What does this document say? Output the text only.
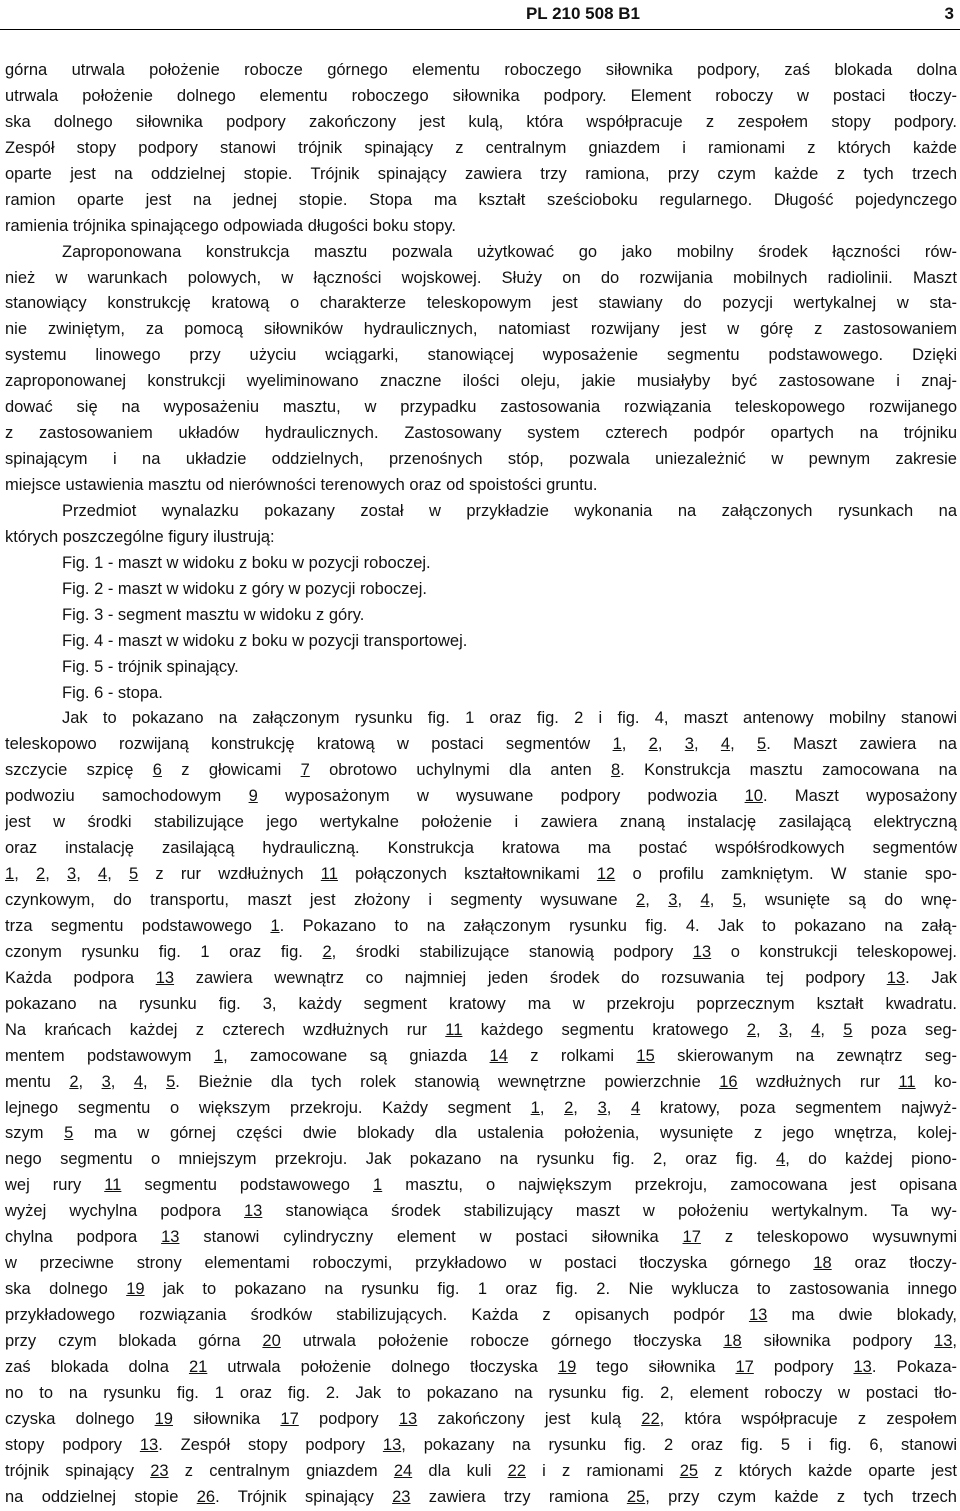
PL 210 508 B1	3
górna utrwala położenie robocze górnego elementu roboczego siłownika podpory, zaś blokada dolna
utrwala położenie dolnego elementu roboczego siłownika podpory. Element roboczy w postaci tłoczy-
ska dolnego siłownika podpory zakończony jest kulą, która współpracuje z zespołem stopy podpory.
Zespół stopy podpory stanowi trójnik spinający z centralnym gniazdem i ramionami z których każde
oparte jest na oddzielnej stopie. Trójnik spinający zawiera trzy ramiona, przy czym każde z tych trzech
ramion oparte jest na jednej stopie. Stopa ma kształt sześcioboku regularnego. Długość pojedynczego
ramienia trójnika spinającego odpowiada długości boku stopy.
Zaproponowana konstrukcja masztu pozwala użytkować go jako mobilny środek łączności rów-
nież w warunkach polowych, w łączności wojskowej. Służy on do rozwijania mobilnych radiolinii. Maszt
stanowiący konstrukcję kratową o charakterze teleskopowym jest stawiany do pozycji wertykalnej w sta-
nie zwiniętym, za pomocą siłowników hydraulicznych, natomiast rozwijany jest w górę z zastosowaniem
systemu linowego przy użyciu wciągarki, stanowiącej wyposażenie segmentu podstawowego. Dzięki
zaproponowanej konstrukcji wyeliminowano znaczne ilości oleju, jakie musiałyby być zastosowane i znaj-
dować się na wyposażeniu masztu, w przypadku zastosowania rozwiązania teleskopowego rozwijanego
z zastosowaniem układów hydraulicznych. Zastosowany system czterech podpór opartych na trójniku
spinającym i na układzie oddzielnych, przenośnych stóp, pozwala uniezależnić w pewnym zakresie
miejsce ustawienia masztu od nierówności terenowych oraz od spoistości gruntu.
Przedmiot wynalazku pokazany został w przykładzie wykonania na załączonych rysunkach na
których poszczególne figury ilustrują:
Fig. 1 - maszt w widoku z boku w pozycji roboczej.
Fig. 2 - maszt w widoku z góry w pozycji roboczej.
Fig. 3 - segment masztu w widoku z góry.
Fig. 4 - maszt w widoku z boku w pozycji transportowej.
Fig. 5 - trójnik spinający.
Fig. 6 - stopa.
Jak to pokazano na załączonym rysunku fig. 1 oraz fig. 2 i fig. 4, maszt antenowy mobilny stanowi
teleskopowo rozwijaną konstrukcję kratową w postaci segmentów 1, 2, 3, 4, 5. Maszt zawiera na
szczycie szpicę 6 z głowicami 7 obrotowo uchylnymi dla anten 8. Konstrukcja masztu zamocowana na
podwoziu samochodowym 9 wyposażonym w wysuwane podpory podwozia 10. Maszt wyposażony
jest w środki stabilizujące jego wertykalne położenie i zawiera znaną instalację zasilającą elektryczną
oraz instalację zasilającą hydrauliczną. Konstrukcja kratowa ma postać współśrodkowych segmentów
1, 2, 3, 4, 5 z rur wzdłużnych 11 połączonych kształtownikami 12 o profilu zamkniętym. W stanie spo-
czynkowym, do transportu, maszt jest złożony i segmenty wysuwane 2, 3, 4, 5, wsunięte są do wnę-
trza segmentu podstawowego 1. Pokazano to na załączonym rysunku fig. 4. Jak to pokazano na załą-
czonym rysunku fig. 1 oraz fig. 2, środki stabilizujące stanowią podpory 13 o konstrukcji teleskopowej.
Każda podpora 13 zawiera wewnątrz co najmniej jeden środek do rozsuwania tej podpory 13. Jak
pokazano na rysunku fig. 3, każdy segment kratowy ma w przekroju poprzecznym kształt kwadratu.
Na krańcach każdej z czterech wzdłużnych rur 11 każdego segmentu kratowego 2, 3, 4, 5 poza seg-
mentem podstawowym 1, zamocowane są gniazda 14 z rolkami 15 skierowanym na zewnątrz seg-
mentu 2, 3, 4, 5. Bieżnie dla tych rolek stanowią wewnętrzne powierzchnie 16 wzdłużnych rur 11 ko-
lejnego segmentu o większym przekroju. Każdy segment 1, 2, 3, 4 kratowy, poza segmentem najwyż-
szym 5 ma w górnej części dwie blokady dla ustalenia położenia, wysunięte z jego wnętrza, kolej-
nego segmentu o mniejszym przekroju. Jak pokazano na rysunku fig. 2, oraz fig. 4, do każdej piono-
wej rury 11 segmentu podstawowego 1 masztu, o największym przekroju, zamocowana jest opisana
wyżej wychylna podpora 13 stanowiąca środek stabilizujący maszt w położeniu wertykalnym. Ta wy-
chylna podpora 13 stanowi cylindryczny element w postaci siłownika 17 z teleskopowo wysuwnymi
w przeciwne strony elementami roboczymi, przykładowo w postaci tłoczyska górnego 18 oraz tłoczy-
ska dolnego 19 jak to pokazano na rysunku fig. 1 oraz fig. 2. Nie wyklucza to zastosowania innego
przykładowego rozwiązania środków stabilizujących. Każda z opisanych podpór 13 ma dwie blokady,
przy czym blokada górna 20 utrwala położenie robocze górnego tłoczyska 18 siłownika podpory 13,
zaś blokada dolna 21 utrwala położenie dolnego tłoczyska 19 tego siłownika 17 podpory 13. Pokaza-
no to na rysunku fig. 1 oraz fig. 2. Jak to pokazano na rysunku fig. 2, element roboczy w postaci tło-
czyska dolnego 19 siłownika 17 podpory 13 zakończony jest kulą 22, która współpracuje z zespołem
stopy podpory 13. Zespół stopy podpory 13, pokazany na rysunku fig. 2 oraz fig. 5 i fig. 6, stanowi
trójnik spinający 23 z centralnym gniazdem 24 dla kuli 22 i z ramionami 25 z których każde oparte jest
na oddzielnej stopie 26. Trójnik spinający 23 zawiera trzy ramiona 25, przy czym każde z tych trzech
